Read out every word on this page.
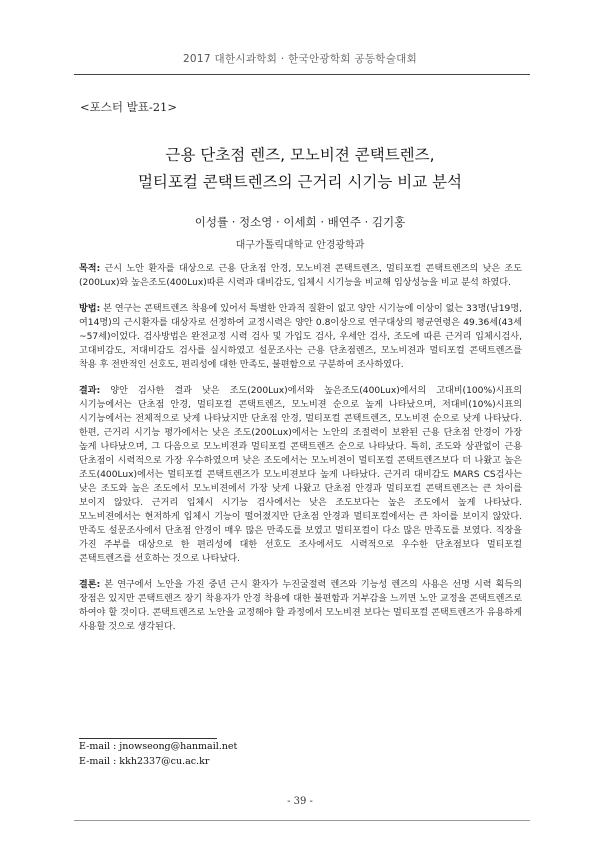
2017 대한시과학회 · 한국안광학회 공동학술대회
<포스터 발표-21>
근용 단초점 렌즈, 모노비젼 콘택트렌즈,
멀티포컬 콘택트렌즈의 근거리 시기능 비교 분석
이성률 · 정소영 · 이세희 · 배연주 · 김기홍
대구가톨릭대학교 안경광학과

목적: 근시 노안 환자를 대상으로 근용 단초점 안경, 모노비젼 콘택트렌즈, 멀티포컬 콘택트렌즈의 낮은 조도(200Lux)와 높은조도(400Lux)따른 시력과 대비감도, 입체시 시기능을 비교해 임상성능을 비교 분석 하였다.

방법: 본 연구는 콘택트렌즈 착용에 있어서 특별한 안과적 질환이 없고 양안 시기능에 이상이 없는 33명(남19명, 여14명)의 근시환자를 대상자로 선정하여 교정시력은 양안 0.8이상으로 연구대상의 평균연령은 49.36세(43세~57세)이었다. 검사방법은 완전교정 시력 검사 및 가입도 검사, 우세안 검사, 조도에 따른 근거리 입체시검사, 고대비감도, 저대비감도 검사를 실시하였고 설문조사는 근용 단초점렌즈, 모노비젼과 멀티포컬 콘택트렌즈를 착용 후 전반적인 선호도, 편리성에 대한 만족도, 불편함으로 구분하여 조사하였다.

결과: 양안 검사한 결과 낮은 조도(200Lux)에서와 높은조도(400Lux)에서의 고대비(100%)시표의 시기능에서는 단초점 안경, 멀티포컬 콘택트렌즈, 모노비젼 순으로 높게 나타났으며, 저대비(10%)시표의 시기능에서는 전체적으로 낮게 나타났지만 단초점 안경, 멀티포컬 콘택트렌즈, 모노비젼 순으로 낮게 나타났다. 한편, 근거리 시기능 평가에서는 낮은 조도(200Lux)에서는 노안의 조절력이 보완된 근용 단초점 안경이 가장 높게 나타났으며, 그 다음으로 모노비젼과 멀티포컬 콘택트렌즈 순으로 나타났다. 특히, 조도와 상관없이 근용 단초점이 시력적으로 가장 우수하였으며 낮은 조도에서는 모노비젼이 멀티포컬 콘택트렌즈보다 더 나왔고 높은 조도(400Lux)에서는 멀티포컬 콘택트렌즈가 모노비젼보다 높게 나타났다. 근거리 대비감도 MARS CS검사는 낮은 조도와 높은 조도에서 모노비젼에서 가장 낮게 나왔고 단초점 안경과 멀티포컬 콘택트렌즈는 큰 차이를 보이지 않았다. 근거리 입체시 시기능 검사에서는 낮은 조도보다는 높은 조도에서 높게 나타났다. 모노비젼에서는 현저하게 입체시 기능이 떨어졌지만 단초점 안경과 멀티포컬에서는 큰 차이를 보이지 않았다. 만족도 설문조사에서 단초점 안경이 매우 많은 만족도를 보였고 멀티포컬이 다소 많은 만족도를 보였다. 직장을 가진 주부를 대상으로 한 편리성에 대한 선호도 조사에서도 시력적으로 우수한 단초점보다 멀티포컬 콘택트렌즈를 선호하는 것으로 나타났다.

결론: 본 연구에서 노안을 가진 중년 근시 환자가 누진굴절력 렌즈와 기능성 렌즈의 사용은 선명 시력 획득의 장점은 있지만 콘택트렌즈 장기 착용자가 안경 착용에 대한 불편함과 거부감을 느끼면 노안 교정을 콘택트렌즈로 하여야 할 것이다. 콘택트렌즈로 노안을 교정해야 할 과정에서 모노비젼 보다는 멀티포컬 콘택트렌즈가 유용하게 사용할 것으로 생각된다.

E-mail : jnowseong@hanmail.net
E-mail : kkh2337@cu.ac.kr
- 39 -
